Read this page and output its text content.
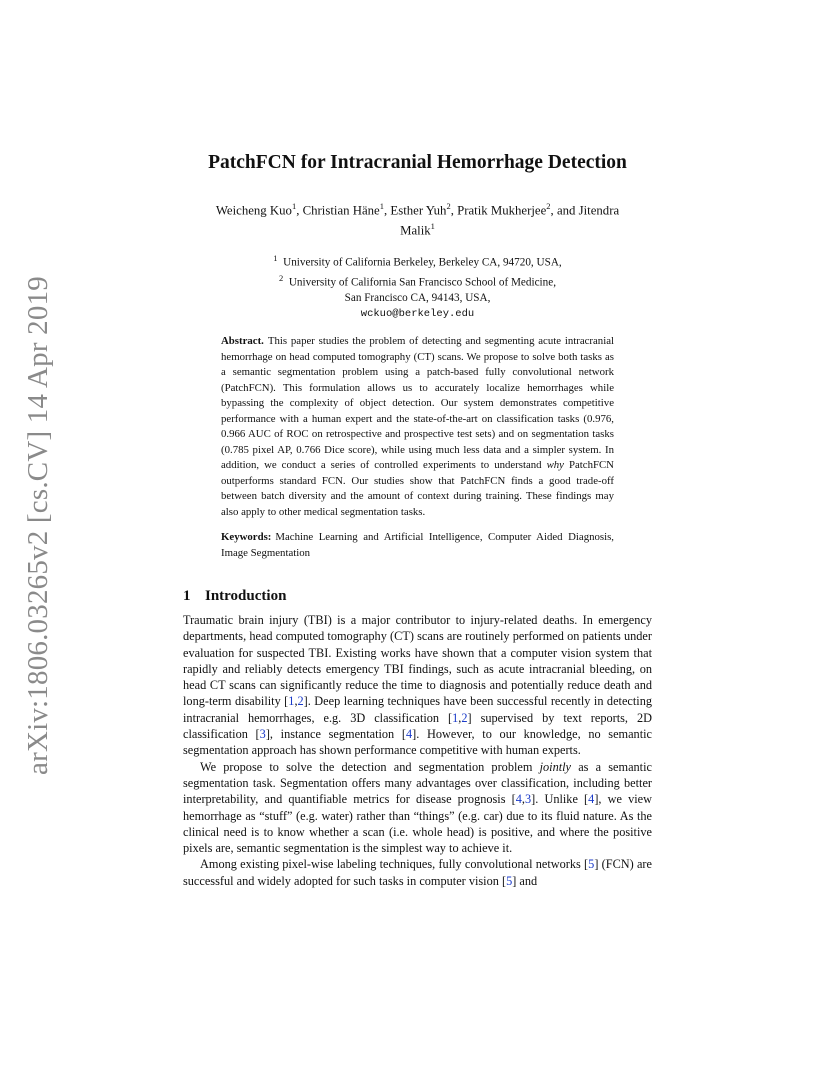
arXiv:1806.03265v2 [cs.CV] 14 Apr 2019
PatchFCN for Intracranial Hemorrhage Detection
Weicheng Kuo$^1$, Christian Häne$^1$, Esther Yuh$^2$, Pratik Mukherjee$^2$, and Jitendra Malik$^1$
$^1$ University of California Berkeley, Berkeley CA, 94720, USA,
$^2$ University of California San Francisco School of Medicine,
San Francisco CA, 94143, USA,
wckuo@berkeley.edu
Abstract. This paper studies the problem of detecting and segmenting acute intracranial hemorrhage on head computed tomography (CT) scans. We propose to solve both tasks as a semantic segmentation problem using a patch-based fully convolutional network (PatchFCN). This formulation allows us to accurately localize hemorrhages while bypassing the complexity of object detection. Our system demonstrates competitive performance with a human expert and the state-of-the-art on classification tasks (0.976, 0.966 AUC of ROC on retrospective and prospective test sets) and on segmentation tasks (0.785 pixel AP, 0.766 Dice score), while using much less data and a simpler system. In addition, we conduct a series of controlled experiments to understand why PatchFCN outperforms standard FCN. Our studies show that PatchFCN finds a good trade-off between batch diversity and the amount of context during training. These findings may also apply to other medical segmentation tasks.
Keywords: Machine Learning and Artificial Intelligence, Computer Aided Diagnosis, Image Segmentation
1 Introduction

Traumatic brain injury (TBI) is a major contributor to injury-related deaths. In emergency departments, head computed tomography (CT) scans are routinely performed on patients under evaluation for suspected TBI. Existing works have shown that a computer vision system that rapidly and reliably detects emergency TBI findings, such as acute intracranial bleeding, on head CT scans can significantly reduce the time to diagnosis and potentially reduce death and long-term disability [1,2]. Deep learning techniques have been successful recently in detecting intracranial hemorrhages, e.g. 3D classification [1,2] supervised by text reports, 2D classification [3], instance segmentation [4]. However, to our knowledge, no semantic segmentation approach has shown performance competitive with human experts.

We propose to solve the detection and segmentation problem jointly as a semantic segmentation task. Segmentation offers many advantages over classification, including better interpretability, and quantifiable metrics for disease prognosis [4,3]. Unlike [4], we view hemorrhage as “stuff” (e.g. water) rather than “things” (e.g. car) due to its fluid nature. As the clinical need is to know whether a scan (i.e. whole head) is positive, and where the positive pixels are, semantic segmentation is the simplest way to achieve it.

Among existing pixel-wise labeling techniques, fully convolutional networks [5] (FCN) are successful and widely adopted for such tasks in computer vision [5] and
